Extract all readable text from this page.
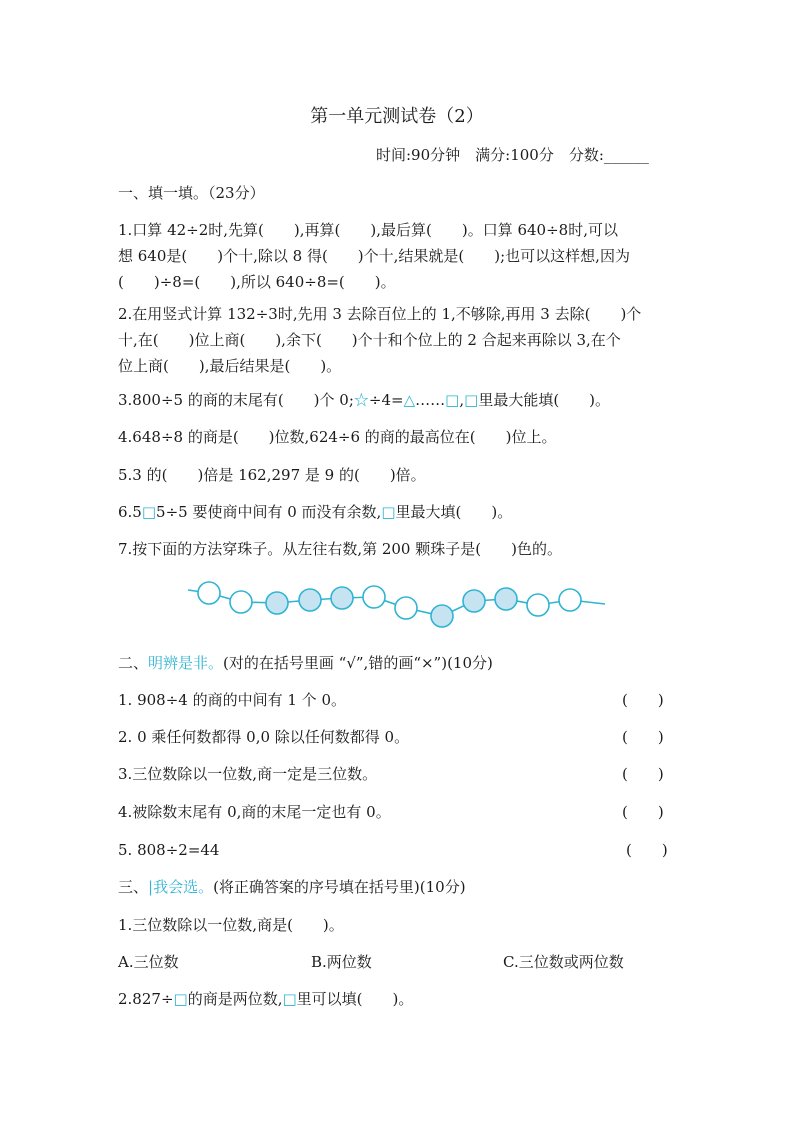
第一单元测试卷（2）
时间:90分钟　满分:100分　分数:______
一、填一填。（23分）
1.口算 42÷2时,先算(　　),再算(　　),最后算(　　)。口算 640÷8时,可以
想 640是(　　)个十,除以 8 得(　　)个十,结果就是(　　);也可以这样想,因为
(　　)÷8=(　　),所以 640÷8=(　　)。
2.在用竖式计算 132÷3时,先用 3 去除百位上的 1,不够除,再用 3 去除(　　)个
十,在(　　)位上商(　　),余下(　　)个十和个位上的 2 合起来再除以 3,在个
位上商(　　),最后结果是(　　)。
3.800÷5 的商的末尾有(　　)个 0;☆÷4=△……□,□里最大能填(　　)。
4.648÷8 的商是(　　)位数,624÷6 的商的最高位在(　　)位上。
5.3 的(　　)倍是 162,297 是 9 的(　　)倍。
6.5□5÷5 要使商中间有 0 而没有余数,□里最大填(　　)。
7.按下面的方法穿珠子。从左往右数,第 200 颗珠子是(　　)色的。
二、明辨是非。(对的在括号里画 “√”,错的画“×”)(10分)
1. 908÷4 的商的中间有 1 个 0。	(　　)
2. 0 乘任何数都得 0,0 除以任何数都得 0。	(　　)
3.三位数除以一位数,商一定是三位数。	(　　)
4.被除数末尾有 0,商的末尾一定也有 0。	(　　)
5. 808÷2=44	(　　)
三、|我会选。(将正确答案的序号填在括号里)(10分)
1.三位数除以一位数,商是(　　)。
A.三位数	B.两位数	C.三位数或两位数
2.827÷□的商是两位数,□里可以填(　　)。
